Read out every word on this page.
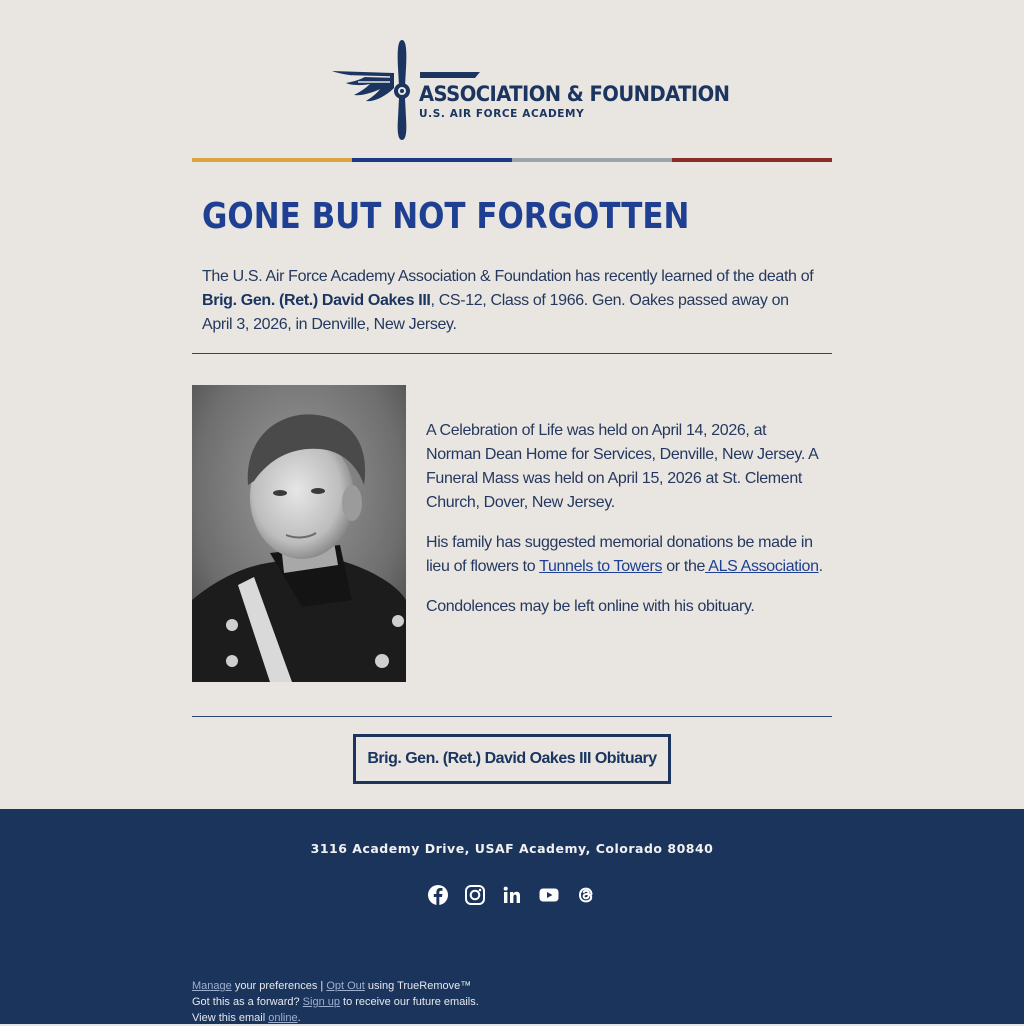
ASSOCIATION & FOUNDATION
U.S. AIR FORCE ACADEMY
GONE BUT NOT FORGOTTEN
The U.S. Air Force Academy Association & Foundation has recently learned of the death of Brig. Gen. (Ret.) David Oakes III, CS-12, Class of 1966. Gen. Oakes passed away on April 3, 2026, in Denville, New Jersey.

A Celebration of Life was held on April 14, 2026, at Norman Dean Home for Services, Denville, New Jersey. A Funeral Mass was held on April 15, 2026 at St. Clement Church, Dover, New Jersey.

His family has suggested memorial donations be made in lieu of flowers to Tunnels to Towers or the ALS Association.

Condolences may be left online with his obituary.

Brig. Gen. (Ret.) David Oakes III Obituary
3116 Academy Drive, USAF Academy, Colorado 80840
Manage your preferences | Opt Out using TrueRemove™
Got this as a forward? Sign up to receive our future emails.
View this email online.
